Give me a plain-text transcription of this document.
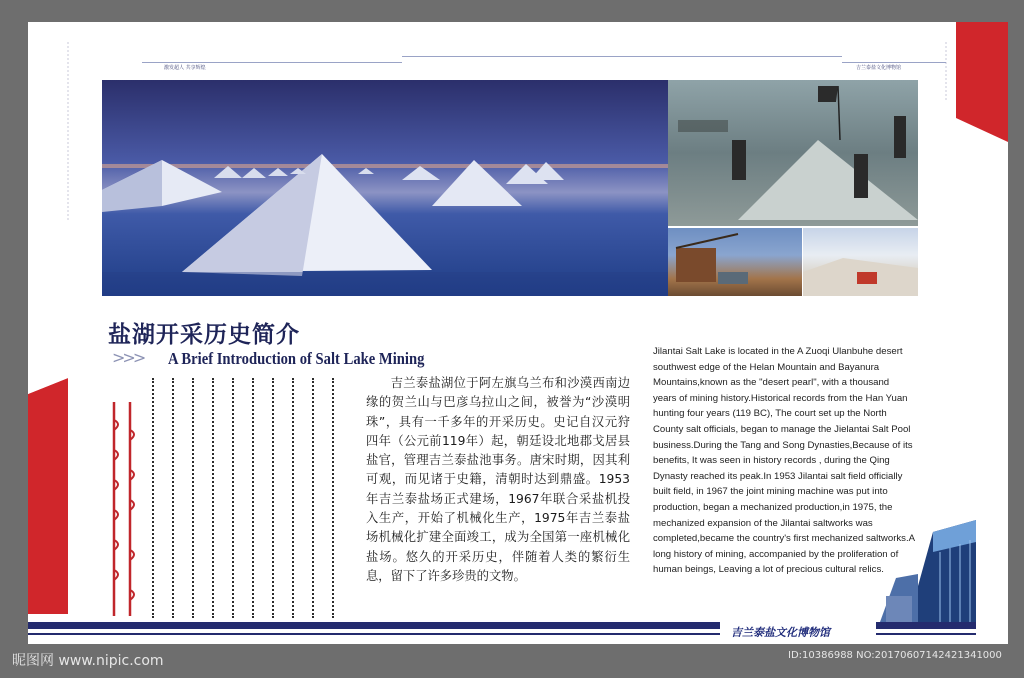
激发超人 共享辉煌	吉兰泰盐文化博物馆
盐湖开采历史简介
>>> A Brief Introduction of Salt Lake Mining

吉兰泰盐湖位于阿左旗乌兰布和沙漠西南边缘的贺兰山与巴彦乌拉山之间，被誉为“沙漠明珠”，具有一千多年的开采历史。史记自汉元狩四年（公元前119年）起，朝廷设北地郡戈居县盐官，管理吉兰泰盐池事务。唐宋时期，因其利可观，而见诸于史籍，清朝时达到鼎盛。1953年吉兰泰盐场正式建场，1967年联合采盐机投入生产，开始了机械化生产，1975年吉兰泰盐场机械化扩建全面竣工，成为全国第一座机械化盐场。悠久的开采历史，伴随着人类的繁衍生息，留下了许多珍贵的文物。

Jilantai Salt Lake is located in the A Zuoqi Ulanbuhe desert southwest edge of the Helan Mountain and Bayanura Mountains,known as the "desert pearl", with a thousand years of mining history.Historical records from the Han Yuan hunting four years (119 BC), The court set up the North County salt officials, began to manage the Jielantai Salt Pool business.During the Tang and Song Dynasties,Because of its benefits, It was seen in history records , during the Qing Dynasty reached its peak.In 1953 Jilantai salt field officially built field, in 1967 the joint mining machine was put into production, began a mechanized production,in 1975, the mechanized expansion of the Jilantai saltworks was completed,became the country's first mechanized saltworks.A long history of mining, accompanied by the proliferation of human beings, Leaving a lot of precious cultural relics.

吉兰泰盐文化博物馆
昵图网 www.nipic.com	ID:10386988 NO:20170607142421341000
